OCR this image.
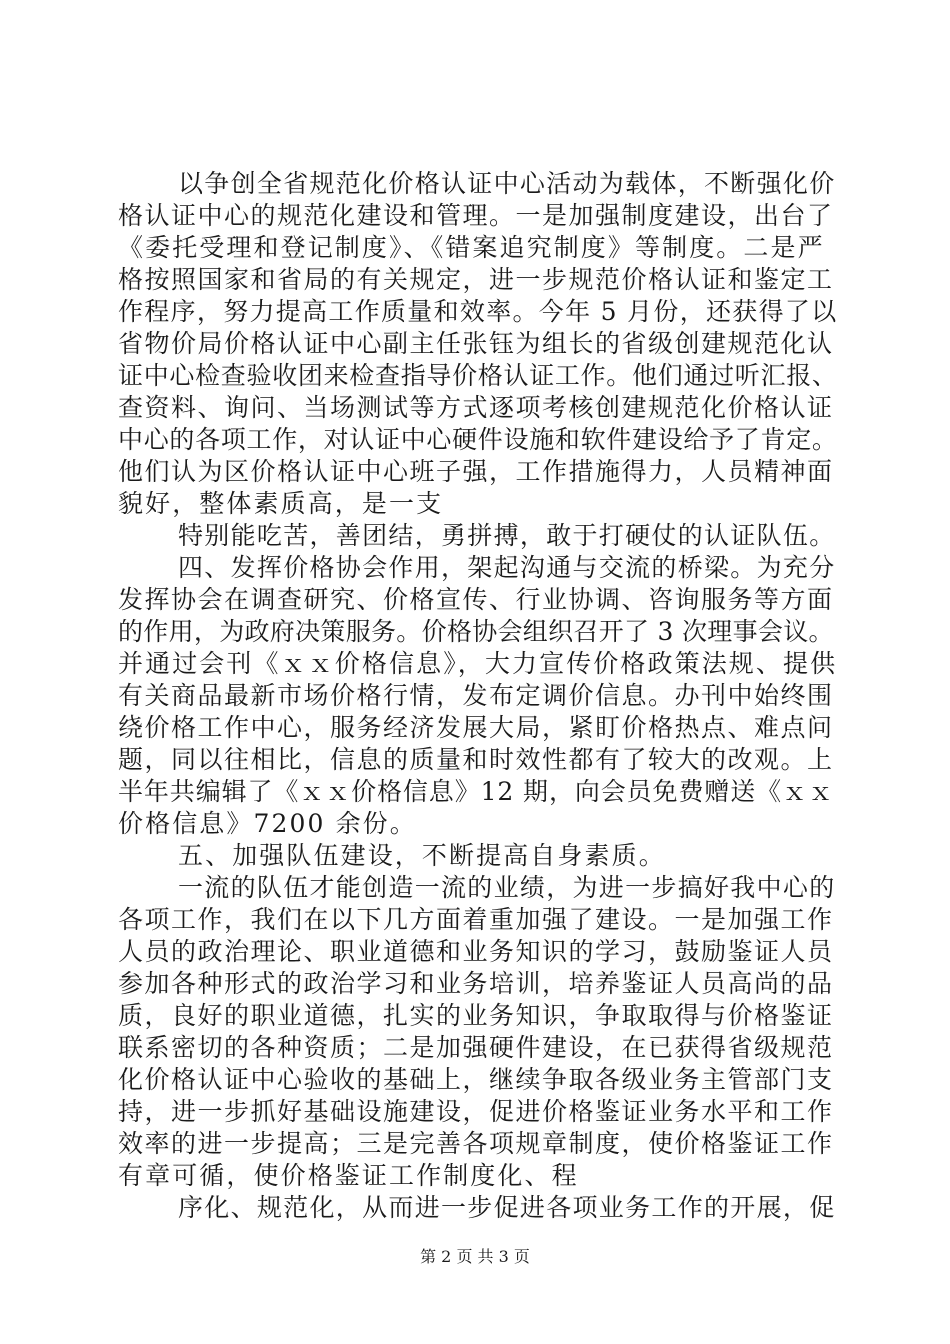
以争创全省规范化价格认证中心活动为载体，不断强化价

格认证中心的规范化建设和管理。一是加强制度建设，出台了

《委托受理和登记制度》、《错案追究制度》等制度。二是严

格按照国家和省局的有关规定，进一步规范价格认证和鉴定工

作程序，努力提高工作质量和效率。今年 5 月份，还获得了以

省物价局价格认证中心副主任张钰为组长的省级创建规范化认

证中心检查验收团来检查指导价格认证工作。他们通过听汇报、

查资料、询问、当场测试等方式逐项考核创建规范化价格认证

中心的各项工作，对认证中心硬件设施和软件建设给予了肯定。

他们认为区价格认证中心班子强，工作措施得力，人员精神面

貌好，整体素质高，是一支

特别能吃苦，善团结，勇拼搏，敢于打硬仗的认证队伍。

四、发挥价格协会作用，架起沟通与交流的桥梁。为充分

发挥协会在调查研究、价格宣传、行业协调、咨询服务等方面

的作用，为政府决策服务。价格协会组织召开了 3 次理事会议。

并通过会刊《ｘｘ价格信息》，大力宣传价格政策法规、提供

有关商品最新市场价格行情，发布定调价信息。办刊中始终围

绕价格工作中心，服务经济发展大局，紧盯价格热点、难点问

题，同以往相比，信息的质量和时效性都有了较大的改观。上

半年共编辑了《ｘｘ价格信息》12 期，向会员免费赠送《ｘｘ

价格信息》7200 余份。

五、加强队伍建设，不断提高自身素质。

一流的队伍才能创造一流的业绩，为进一步搞好我中心的

各项工作，我们在以下几方面着重加强了建设。一是加强工作

人员的政治理论、职业道德和业务知识的学习，鼓励鉴证人员

参加各种形式的政治学习和业务培训，培养鉴证人员高尚的品

质，良好的职业道德，扎实的业务知识，争取取得与价格鉴证

联系密切的各种资质；二是加强硬件建设，在已获得省级规范

化价格认证中心验收的基础上，继续争取各级业务主管部门支

持，进一步抓好基础设施建设，促进价格鉴证业务水平和工作

效率的进一步提高；三是完善各项规章制度，使价格鉴证工作

有章可循，使价格鉴证工作制度化、程

序化、规范化，从而进一步促进各项业务工作的开展，促

第 2 页 共 3 页
